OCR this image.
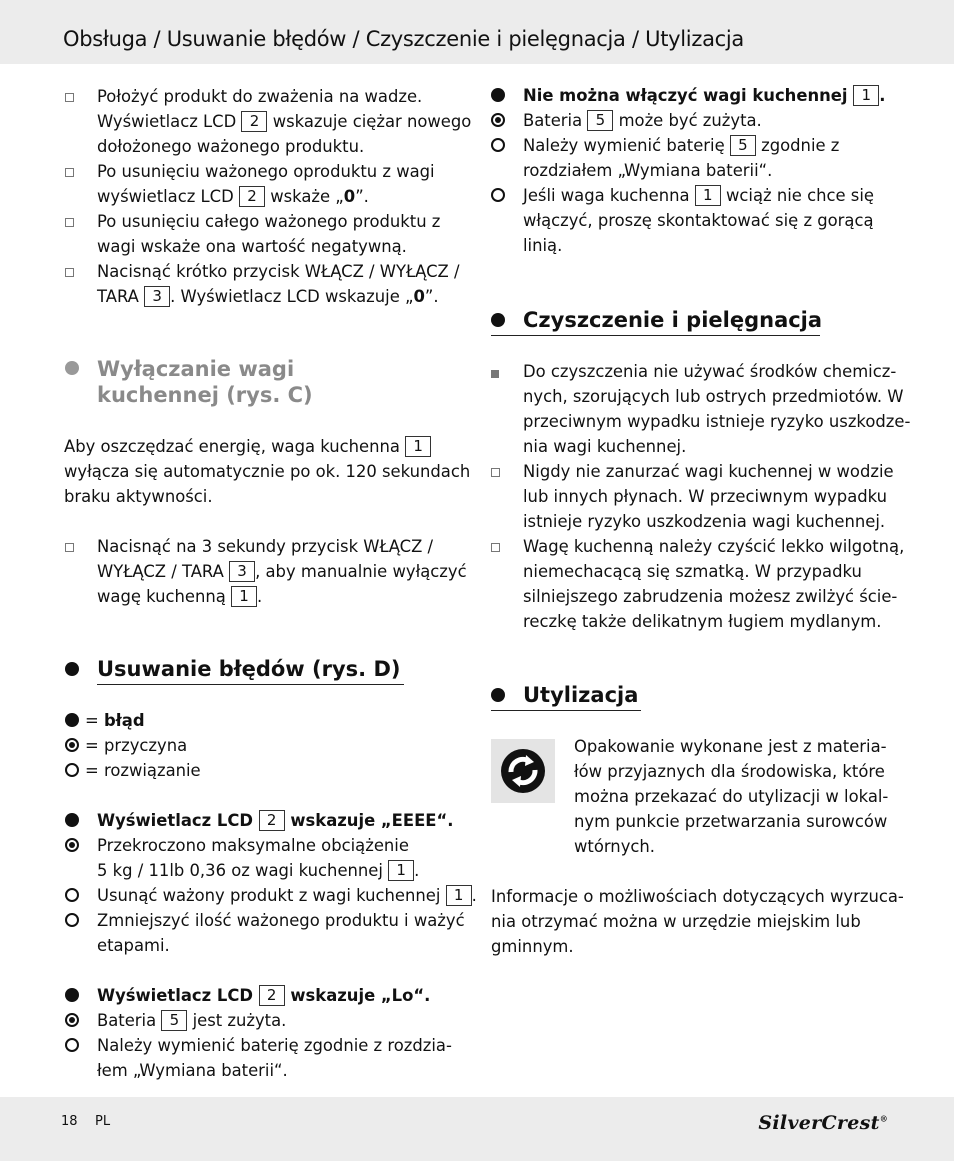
Obsługa / Usuwanie błędów / Czyszczenie i pielęgnacja / Utylizacja
Położyć produkt do zważenia na wadze.
Wyświetlacz LCD 2 wskazuje ciężar nowego
dołożonego ważonego produktu.
Po usunięciu ważonego oproduktu z wagi
wyświetlacz LCD 2 wskaże „0”.
Po usunięciu całego ważonego produktu z
wagi wskaże ona wartość negatywną.
Nacisnąć krótko przycisk WŁĄCZ / WYŁĄCZ /
TARA 3 . Wyświetlacz LCD wskazuje „0”.
Wyłączanie wagi
kuchennej (rys. C)
Aby oszczędzać energię, waga kuchenna 1
wyłącza się automatycznie po ok. 120 sekundach
braku aktywności.
Nacisnąć na 3 sekundy przycisk WŁĄCZ /
WYŁĄCZ / TARA 3 , aby manualnie wyłączyć
wagę kuchenną 1 .
Usuwanie błędów (rys. D)
= błąd
= przyczyna
= rozwiązanie
Wyświetlacz LCD 2 wskazuje „EEEE“.
Przekroczono maksymalne obciążenie
5 kg / 11lb 0,36 oz wagi kuchennej 1 .
Usunąć ważony produkt z wagi kuchennej 1 .
Zmniejszyć ilość ważonego produktu i ważyć
etapami.
Wyświetlacz LCD 2 wskazuje „Lo“.
Bateria 5 jest zużyta.
Należy wymienić baterię zgodnie z rozdzia-
łem „Wymiana baterii“.
Nie można włączyć wagi kuchennej 1 .
Bateria 5 może być zużyta.
Należy wymienić baterię 5 zgodnie z
rozdziałem „Wymiana baterii“.
Jeśli waga kuchenna 1 wciąż nie chce się
włączyć, proszę skontaktować się z gorącą
linią.
Czyszczenie i pielęgnacja
Do czyszczenia nie używać środków chemicz-
nych, szorujących lub ostrych przedmiotów. W
przeciwnym wypadku istnieje ryzyko uszkodze-
nia wagi kuchennej.
Nigdy nie zanurzać wagi kuchennej w wodzie
lub innych płynach. W przeciwnym wypadku
istnieje ryzyko uszkodzenia wagi kuchennej.
Wagę kuchenną należy czyścić lekko wilgotną,
niemechacącą się szmatką. W przypadku
silniejszego zabrudzenia możesz zwilżyć ście-
reczkę także delikatnym ługiem mydlanym.
Utylizacja
Opakowanie wykonane jest z materia-
łów przyjaznych dla środowiska, które
można przekazać do utylizacji w lokal-
nym punkcie przetwarzania surowców
wtórnych.
Informacje o możliwościach dotyczących wyrzuca-
nia otrzymać można w urzędzie miejskim lub
gminnym.
18 PL	SilverCrest®
